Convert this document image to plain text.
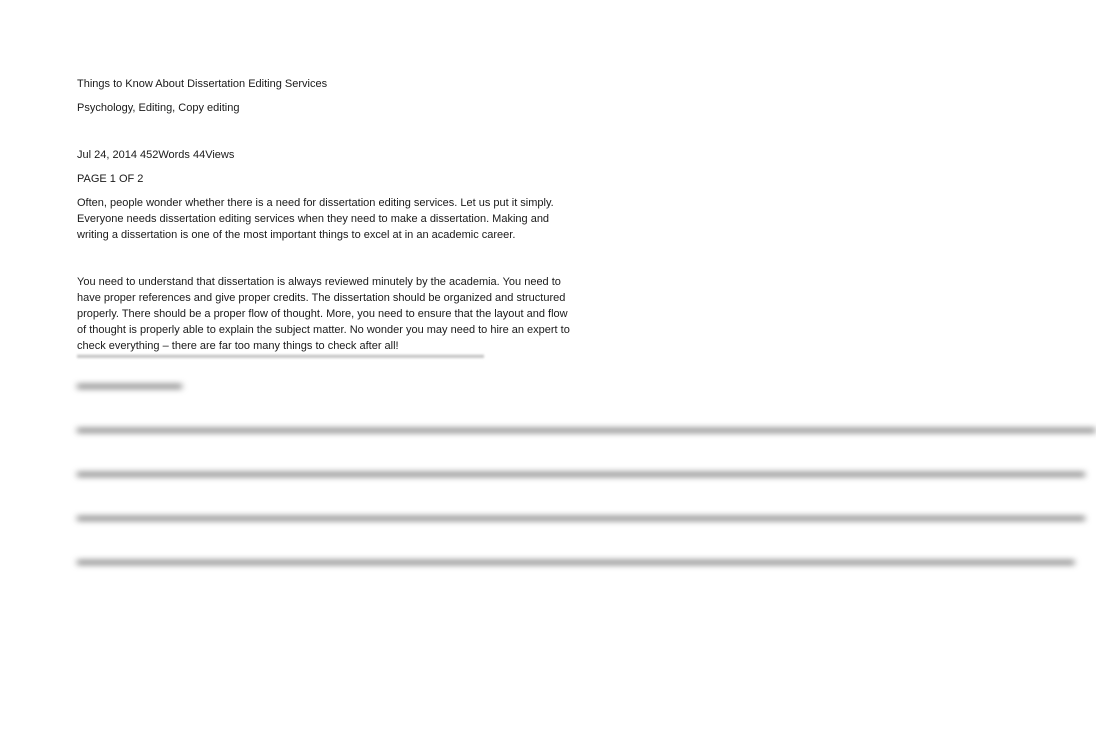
Things to Know About Dissertation Editing Services

Psychology, Editing, Copy editing

Jul 24, 2014 452Words 44Views

PAGE 1 OF 2

Often, people wonder whether there is a need for dissertation editing services. Let us put it simply. Everyone needs dissertation editing services when they need to make a dissertation. Making and writing a dissertation is one of the most important things to excel at in an academic career.

You need to understand that dissertation is always reviewed minutely by the academia. You need to have proper references and give proper credits. The dissertation should be organized and structured properly. There should be a proper flow of thought. More, you need to ensure that the layout and flow of thought is properly able to explain the subject matter. No wonder you may need to hire an expert to check everything – there are far too many things to check after all!

▬▬▬▬▬▬▬▬▬▬▬▬▬▬▬▬▬▬▬▬▬▬▬▬▬▬▬▬▬▬▬▬▬▬▬▬▬

▬▬▬▬▬▬▬▬▬▬

▬▬▬▬▬▬▬▬▬▬▬▬▬▬▬▬▬▬▬▬▬▬▬▬▬▬▬▬▬▬▬▬▬▬▬▬▬▬▬▬▬▬▬▬▬▬▬▬▬▬▬▬▬▬▬▬▬▬▬▬▬▬▬▬▬▬▬▬▬▬▬▬▬▬▬▬▬▬▬▬▬▬▬▬▬▬▬▬▬▬▬▬▬▬▬▬▬

▬▬▬▬▬▬▬▬▬▬▬▬▬▬▬▬▬▬▬▬▬▬▬▬▬▬▬▬▬▬▬▬▬▬▬▬▬▬▬▬▬▬▬▬▬▬▬▬▬▬▬▬▬▬▬▬▬▬▬▬▬▬▬▬▬▬▬▬▬▬▬▬▬▬▬▬▬▬▬▬▬▬▬▬▬▬▬▬▬▬▬▬▬▬▬▬

▬▬▬▬▬▬▬▬▬▬▬▬▬▬▬▬▬▬▬▬▬▬▬▬▬▬▬▬▬▬▬▬▬▬▬▬▬▬▬▬▬▬▬▬▬▬▬▬▬▬▬▬▬▬▬▬▬▬▬▬▬▬▬▬▬▬▬▬▬▬▬▬▬▬▬▬▬▬▬▬▬▬▬▬▬▬▬▬▬▬▬▬▬▬▬▬

▬▬▬▬▬▬▬▬▬▬▬▬▬▬▬▬▬▬▬▬▬▬▬▬▬▬▬▬▬▬▬▬▬▬▬▬▬▬▬▬▬▬▬▬▬▬▬▬▬▬▬▬▬▬▬▬▬▬▬▬▬▬▬▬▬▬▬▬▬▬▬▬▬▬▬▬▬▬▬▬▬▬▬▬▬▬▬▬▬▬▬▬▬▬▬
